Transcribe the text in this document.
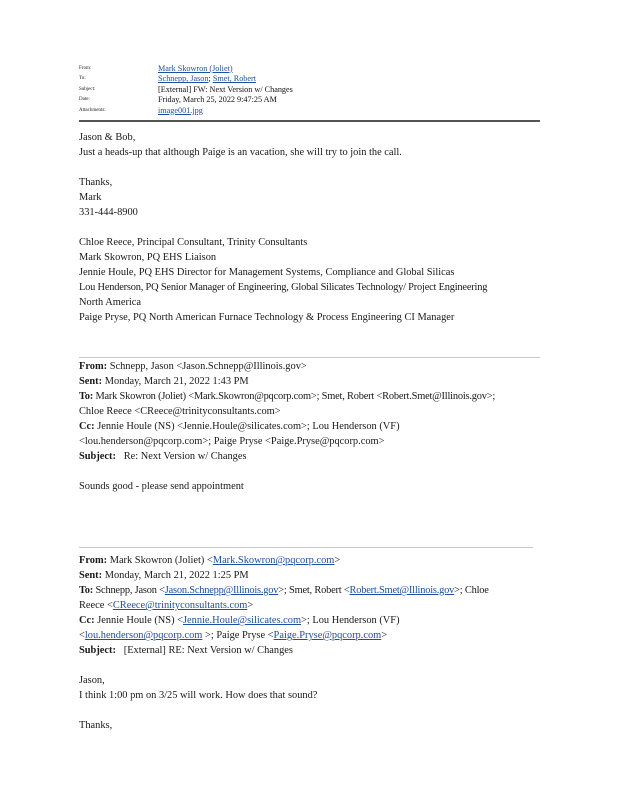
From:	Mark Skowron (Joliet)
To:	Schnepp, Jason; Smet, Robert
Subject:	[External] FW: Next Version w/ Changes
Date:	Friday, March 25, 2022 9:47:25 AM
Attachments:	image001.jpg
Jason & Bob,
Just a heads-up that although Paige is an vacation, she will try to join the call.
Thanks,
Mark
331-444-8900
Chloe Reece, Principal Consultant, Trinity Consultants
Mark Skowron, PQ EHS Liaison
Jennie Houle, PQ EHS Director for Management Systems, Compliance and Global Silicas
Lou Henderson, PQ Senior Manager of Engineering, Global Silicates Technology/ Project Engineering
North America
Paige Pryse, PQ North American Furnace Technology & Process Engineering CI Manager
From: Schnepp, Jason <Jason.Schnepp@Illinois.gov>
Sent: Monday, March 21, 2022 1:43 PM
To: Mark Skowron (Joliet) <Mark.Skowron@pqcorp.com>; Smet, Robert <Robert.Smet@Illinois.gov>;
Chloe Reece <CReece@trinityconsultants.com>
Cc: Jennie Houle (NS) <Jennie.Houle@silicates.com>; Lou Henderson (VF)
<lou.henderson@pqcorp.com>; Paige Pryse <Paige.Pryse@pqcorp.com>
Subject: Re: Next Version w/ Changes
Sounds good - please send appointment
From: Mark Skowron (Joliet) <Mark.Skowron@pqcorp.com>
Sent: Monday, March 21, 2022 1:25 PM
To: Schnepp, Jason <Jason.Schnepp@Illinois.gov>; Smet, Robert <Robert.Smet@Illinois.gov>; Chloe
Reece <CReece@trinityconsultants.com>
Cc: Jennie Houle (NS) <Jennie.Houle@silicates.com>; Lou Henderson (VF)
<lou.henderson@pqcorp.com >; Paige Pryse <Paige.Pryse@pqcorp.com>
Subject: [External] RE: Next Version w/ Changes
Jason,
I think 1:00 pm on 3/25 will work. How does that sound?
Thanks,
